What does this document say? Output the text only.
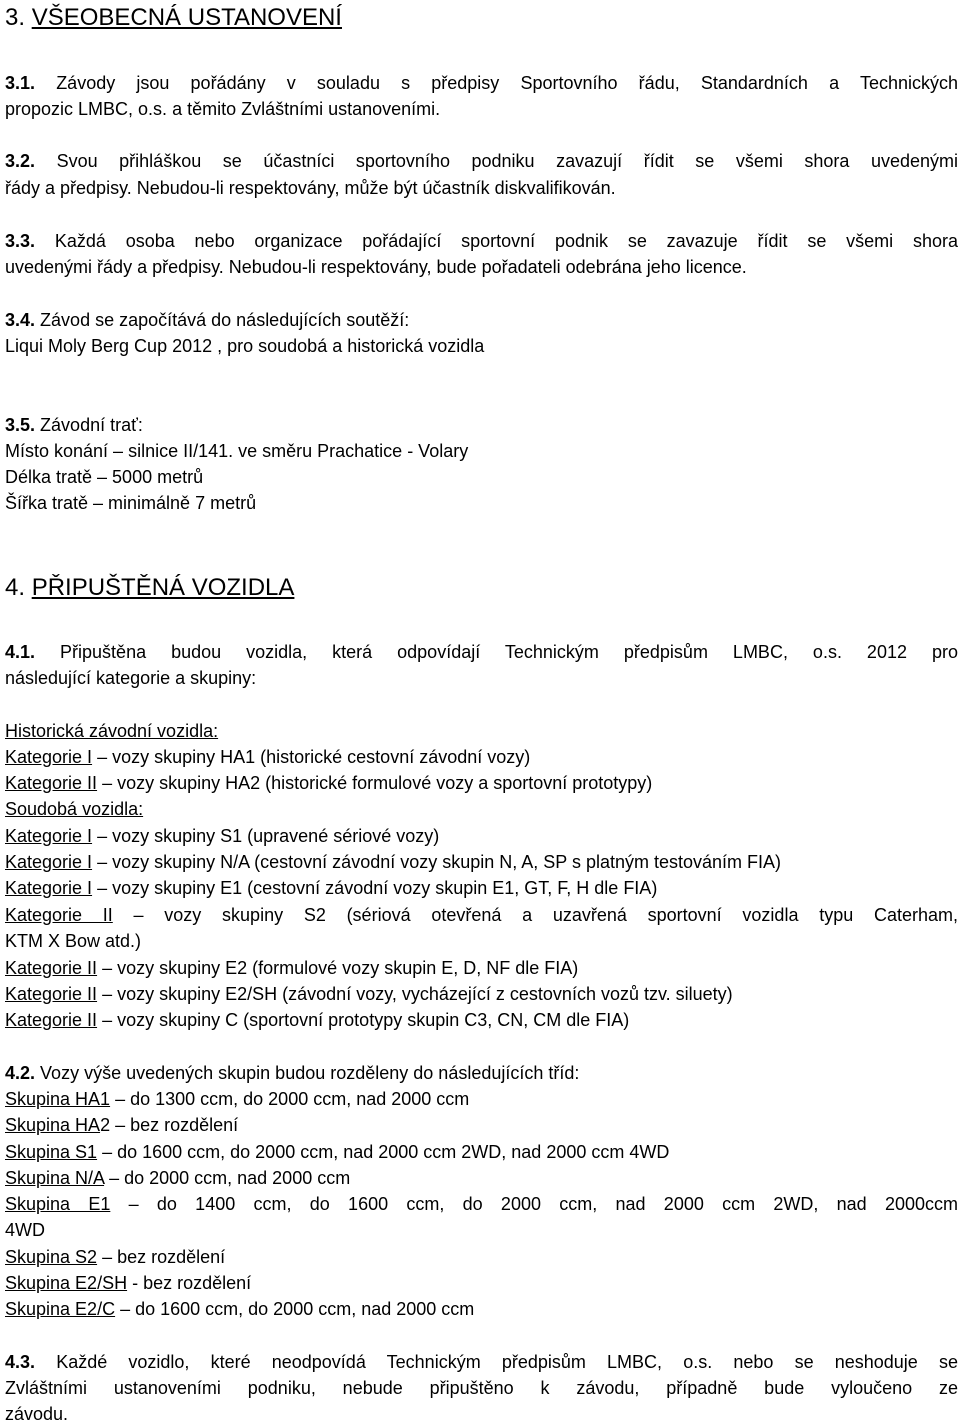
3. VŠEOBECNÁ USTANOVENÍ
3.1. Závody jsou pořádány v souladu s předpisy Sportovního řádu, Standardních a Technických
propozic LMBC, o.s. a těmito Zvláštními ustanoveními.
3.2. Svou přihláškou se účastníci sportovního podniku zavazují řídit se všemi shora uvedenými
řády a předpisy. Nebudou-li respektovány, může být účastník diskvalifikován.
3.3. Každá osoba nebo organizace pořádající sportovní podnik se zavazuje řídit se všemi shora
uvedenými řády a předpisy. Nebudou-li respektovány, bude pořadateli odebrána jeho licence.
3.4. Závod se započítává do následujících soutěží:
Liqui Moly Berg Cup 2012 , pro soudobá a historická vozidla
3.5. Závodní trať:
Místo konání – silnice II/141. ve směru Prachatice - Volary
Délka tratě – 5000 metrů
Šířka tratě – minimálně 7 metrů
4. PŘIPUŠTĚNÁ VOZIDLA
4.1. Připuštěna budou vozidla, která odpovídají Technickým předpisům LMBC, o.s. 2012 pro
následující kategorie a skupiny:
Historická závodní vozidla:
Kategorie I – vozy skupiny HA1 (historické cestovní závodní vozy)
Kategorie II – vozy skupiny HA2 (historické formulové vozy a sportovní prototypy)
Soudobá vozidla:
Kategorie I – vozy skupiny S1 (upravené sériové vozy)
Kategorie I – vozy skupiny N/A (cestovní závodní vozy skupin N, A, SP s platným testováním FIA)
Kategorie I – vozy skupiny E1 (cestovní závodní vozy skupin E1, GT, F, H dle FIA)
Kategorie II – vozy skupiny S2 (sériová otevřená a uzavřená sportovní vozidla typu Caterham,
KTM X Bow atd.)
Kategorie II – vozy skupiny E2 (formulové vozy skupin E, D, NF dle FIA)
Kategorie II – vozy skupiny E2/SH (závodní vozy, vycházející z cestovních vozů tzv. siluety)
Kategorie II – vozy skupiny C (sportovní prototypy skupin C3, CN, CM dle FIA)
4.2. Vozy výše uvedených skupin budou rozděleny do následujících tříd:
Skupina HA1 – do 1300 ccm, do 2000 ccm, nad 2000 ccm
Skupina HA2 – bez rozdělení
Skupina S1 – do 1600 ccm, do 2000 ccm, nad 2000 ccm 2WD, nad 2000 ccm 4WD
Skupina N/A – do 2000 ccm, nad 2000 ccm
Skupina E1 – do 1400 ccm, do 1600 ccm, do 2000 ccm, nad 2000 ccm 2WD, nad 2000ccm
4WD
Skupina S2 – bez rozdělení
Skupina E2/SH - bez rozdělení
Skupina E2/C – do 1600 ccm, do 2000 ccm, nad 2000 ccm
4.3. Každé vozidlo, které neodpovídá Technickým předpisům LMBC, o.s. nebo se neshoduje se
Zvláštními ustanoveními podniku, nebude připuštěno k závodu, případně bude vyloučeno ze
závodu.
